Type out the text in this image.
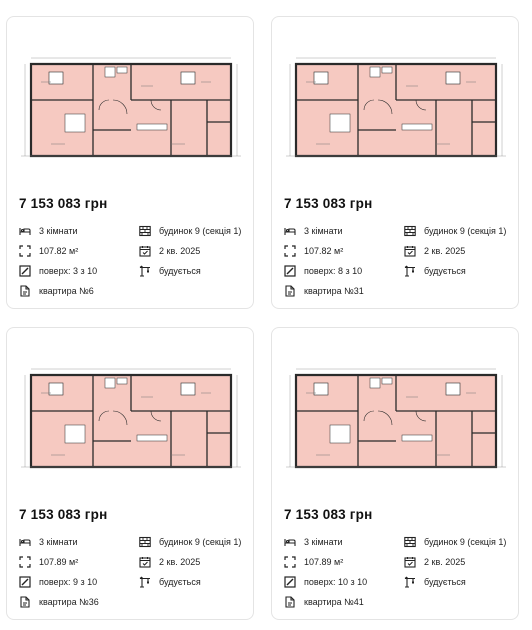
7 153 083 грн
3 кімнати
107.82 м²
поверх: 3 з 10
квартира №6
будинок 9 (секція 1)
2 кв. 2025
будується
7 153 083 грн
3 кімнати
107.82 м²
поверх: 8 з 10
квартира №31
будинок 9 (секція 1)
2 кв. 2025
будується
7 153 083 грн
3 кімнати
107.89 м²
поверх: 9 з 10
квартира №36
будинок 9 (секція 1)
2 кв. 2025
будується
7 153 083 грн
3 кімнати
107.89 м²
поверх: 10 з 10
квартира №41
будинок 9 (секція 1)
2 кв. 2025
будується
